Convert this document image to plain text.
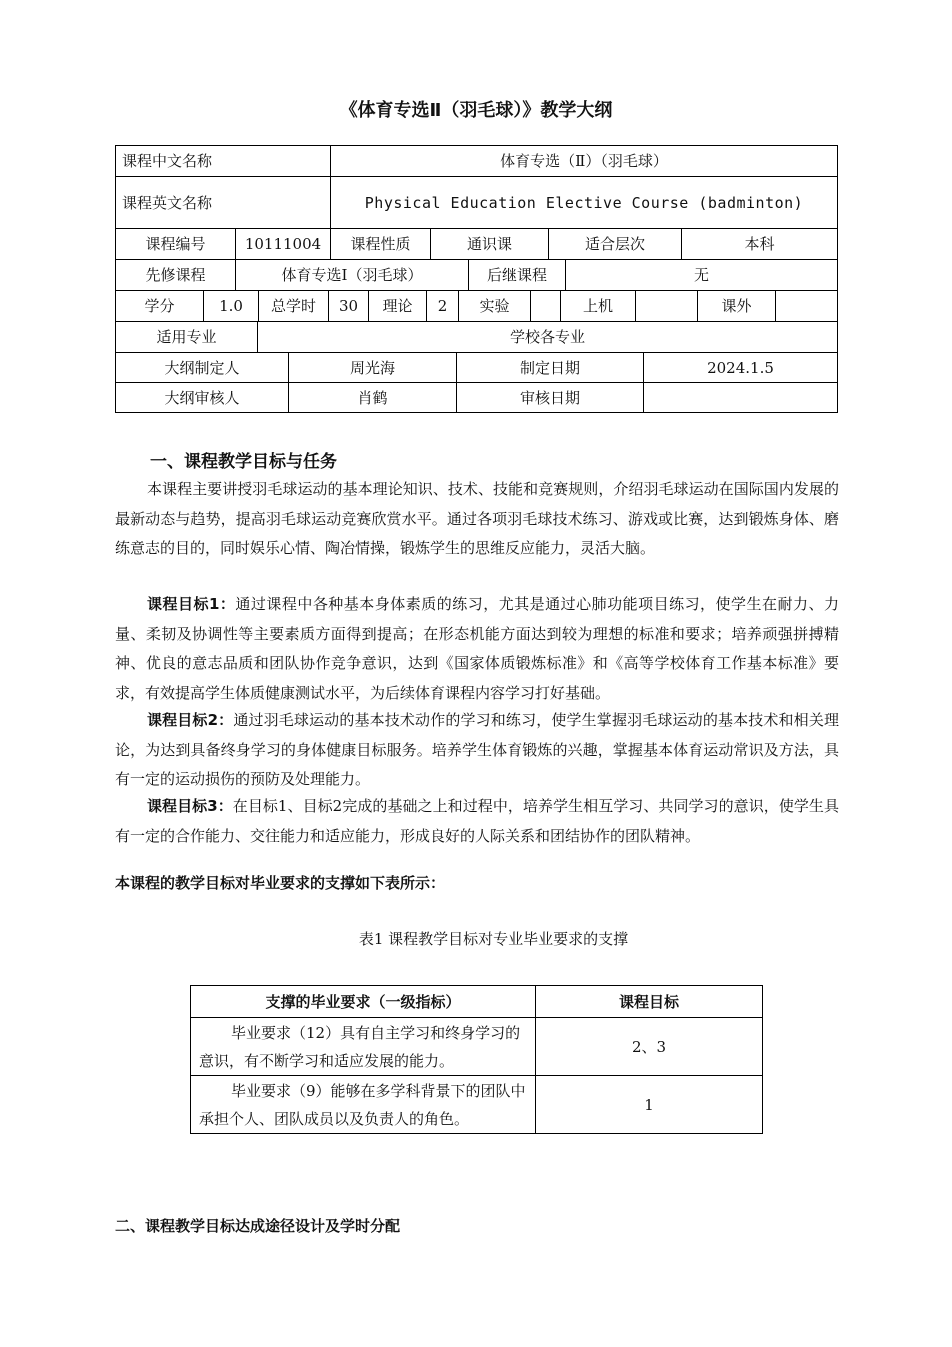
《体育专选Ⅱ（羽毛球）》教学大纲
课程中文名称	体育专选（Ⅱ）（羽毛球）
课程英文名称	Physical Education Elective Course (badminton)
课程编号	10111004	课程性质	通识课	适合层次	本科
先修课程	体育专选Ⅰ（羽毛球）	后继课程	无
学分	1.0	总学时	30	理论	2	实验		上机		课外	
适用专业	学校各专业
大纲制定人	周光海	制定日期	2024.1.5
大纲审核人	肖鹤	审核日期	
一、课程教学目标与任务
本课程主要讲授羽毛球运动的基本理论知识、技术、技能和竞赛规则，介绍羽毛球运动在国际国内发展的最新动态与趋势，提高羽毛球运动竞赛欣赏水平。通过各项羽毛球技术练习、游戏或比赛，达到锻炼身体、磨练意志的目的，同时娱乐心情、陶冶情操，锻炼学生的思维反应能力，灵活大脑。
课程目标1：通过课程中各种基本身体素质的练习，尤其是通过心肺功能项目练习，使学生在耐力、力量、柔韧及协调性等主要素质方面得到提高；在形态机能方面达到较为理想的标准和要求；培养顽强拼搏精神、优良的意志品质和团队协作竞争意识，达到《国家体质锻炼标准》和《高等学校体育工作基本标准》要求，有效提高学生体质健康测试水平，为后续体育课程内容学习打好基础。
课程目标2：通过羽毛球运动的基本技术动作的学习和练习，使学生掌握羽毛球运动的基本技术和相关理论，为达到具备终身学习的身体健康目标服务。培养学生体育锻炼的兴趣，掌握基本体育运动常识及方法，具有一定的运动损伤的预防及处理能力。
课程目标3：在目标1、目标2完成的基础之上和过程中，培养学生相互学习、共同学习的意识，使学生具有一定的合作能力、交往能力和适应能力，形成良好的人际关系和团结协作的团队精神。
本课程的教学目标对毕业要求的支撑如下表所示：
表1 课程教学目标对专业毕业要求的支撑
支撑的毕业要求（一级指标）	课程目标
毕业要求（12）具有自主学习和终身学习的意识，有不断学习和适应发展的能力。	2、3
毕业要求（9）能够在多学科背景下的团队中承担个人、团队成员以及负责人的角色。	1
二、课程教学目标达成途径设计及学时分配
